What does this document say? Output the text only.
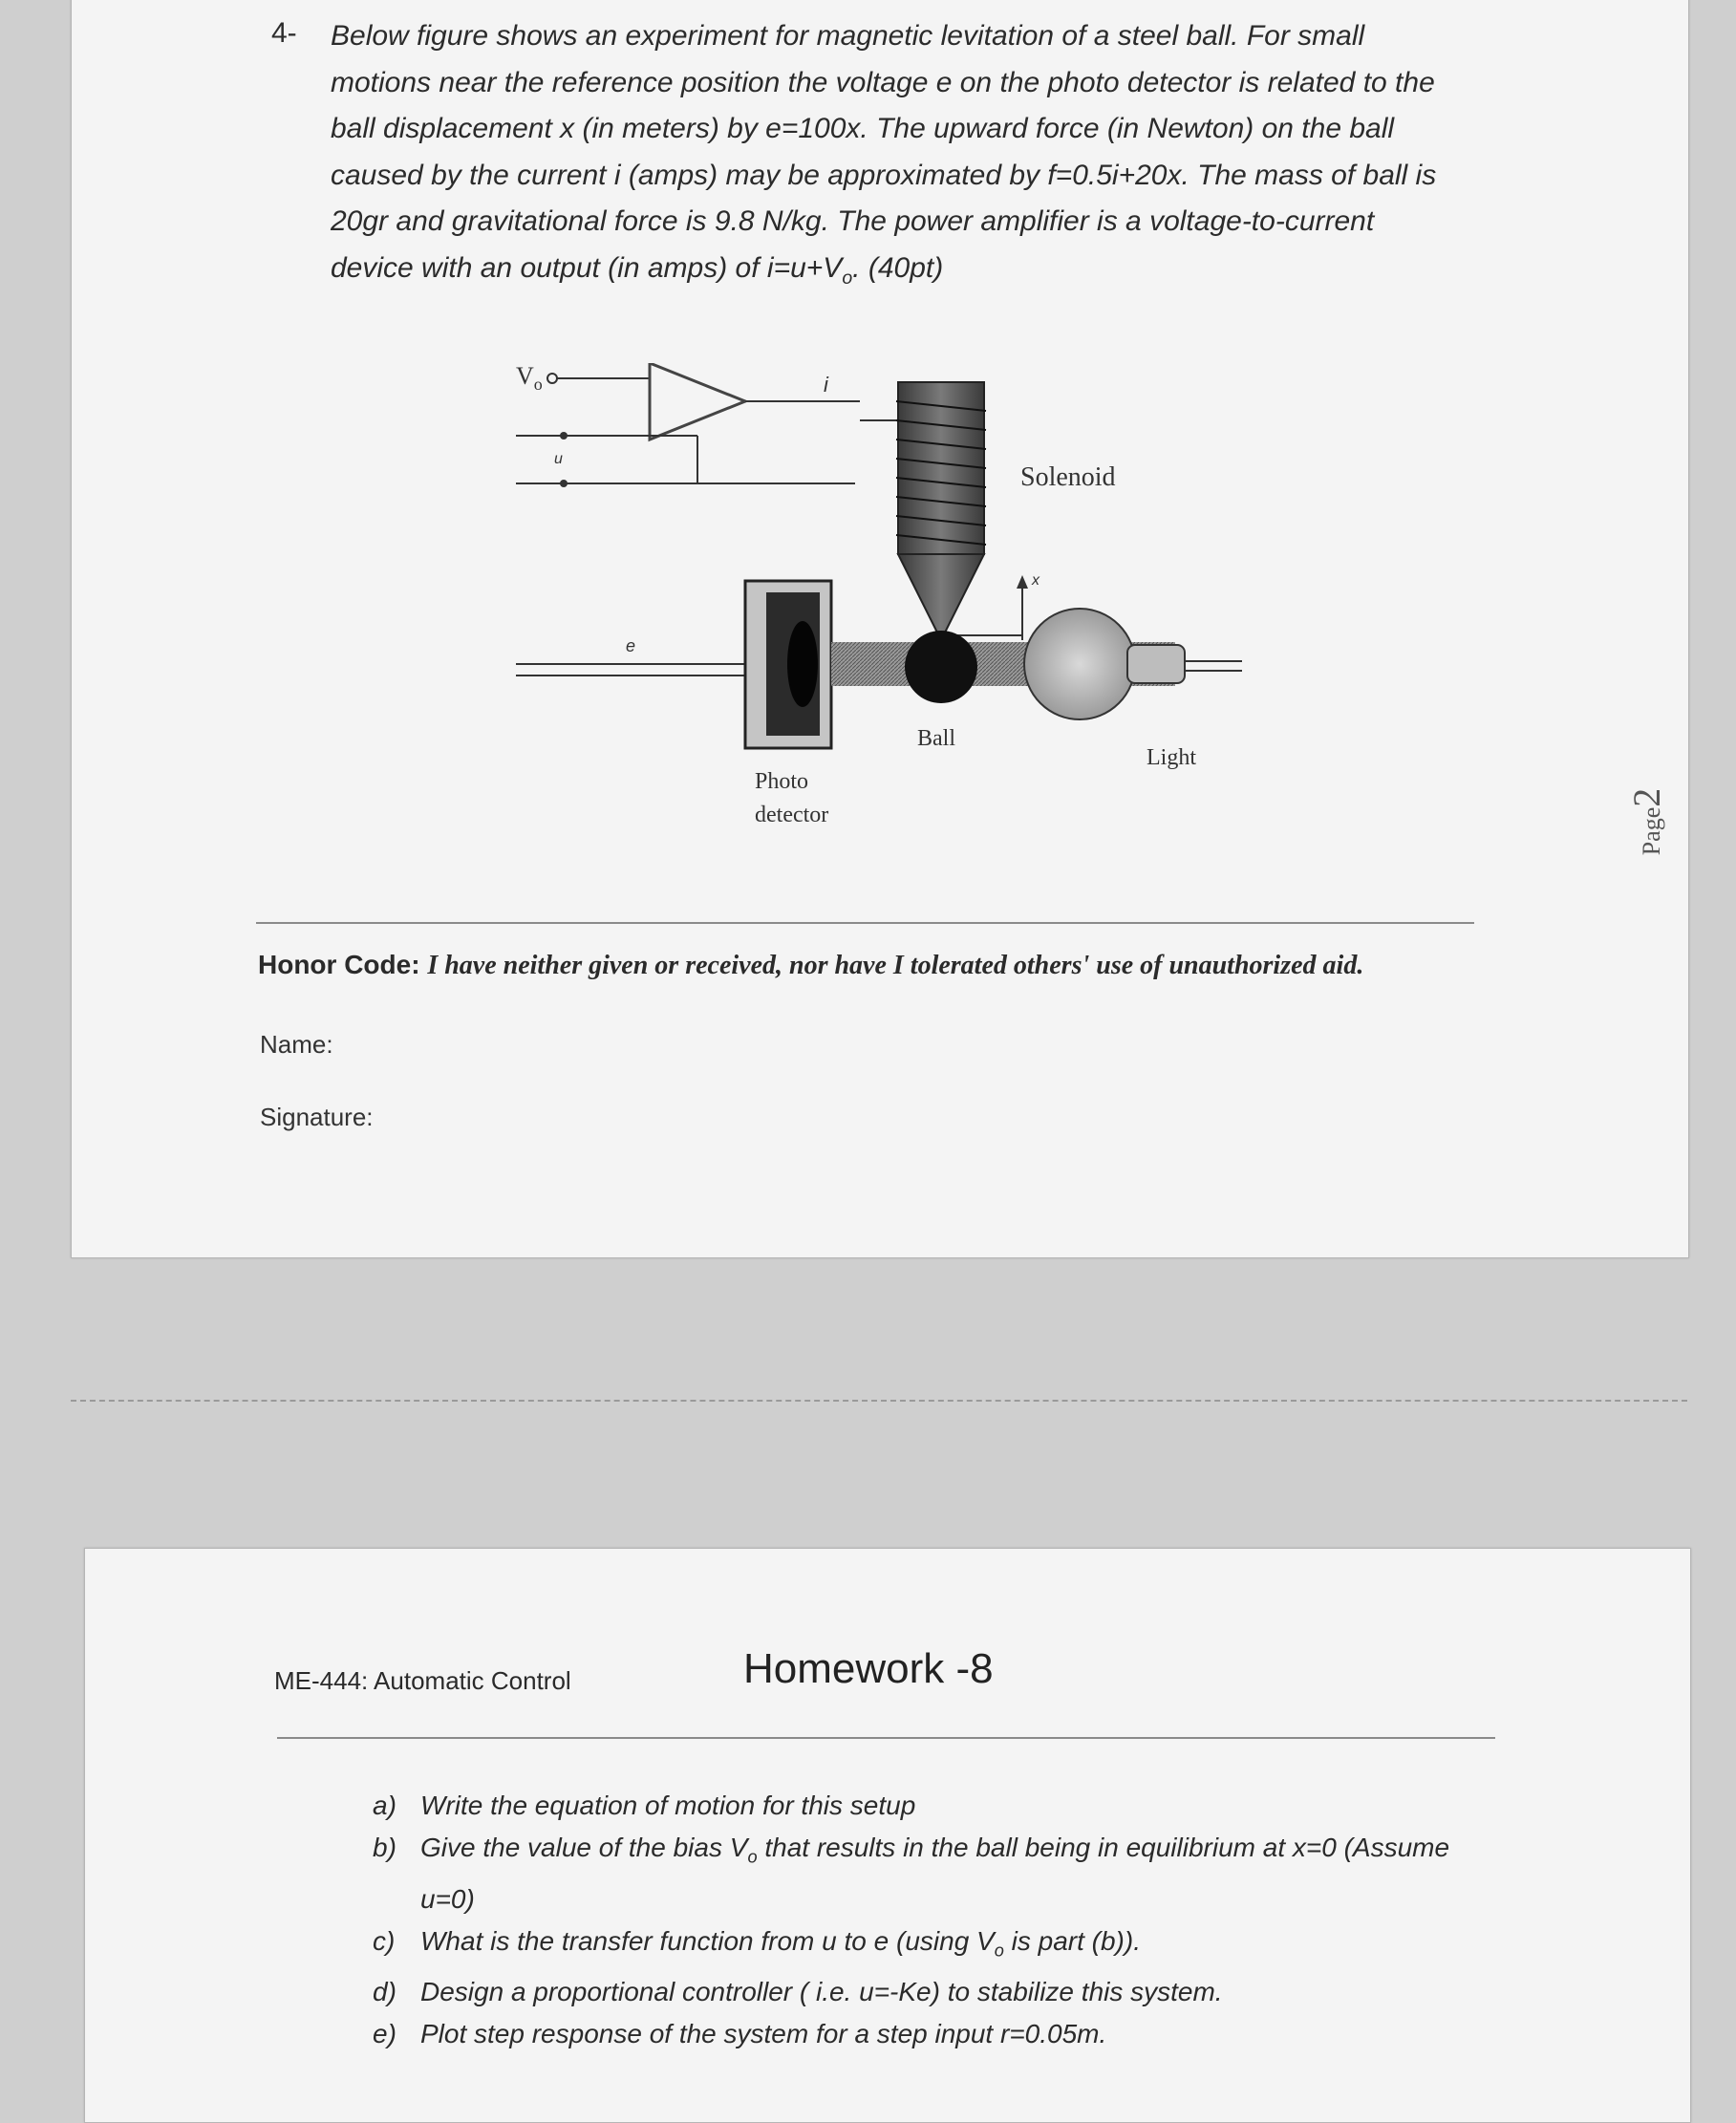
4- Below figure shows an experiment for magnetic levitation of a steel ball. For small
motions near the reference position the voltage e on the photo detector is related to the
ball displacement x (in meters) by e=100x. The upward force (in Newton) on the ball
caused by the current i (amps) may be approximated by f=0.5i+20x. The mass of ball is
20gr and gravitational force is 9.8 N/kg. The power amplifier is a voltage-to-current
device with an output (in amps) of $i=u+V_o$. (40pt)
$V_o$	i
u
Solenoid
x
e
Photo
detector
Ball
Light
Page2
Honor Code: I have neither given or received, nor have I tolerated others' use of unauthorized aid.
Name:
Signature:
ME-444: Automatic Control	Homework -8
a) Write the equation of motion for this setup
b) Give the value of the bias $V_o$ that results in the ball being in equilibrium at x=0 (Assume
u=0)
c) What is the transfer function from u to e (using $V_o$ is part (b)).
d) Design a proportional controller ( i.e. u=-Ke) to stabilize this system.
e) Plot step response of the system for a step input r=0.05m.
